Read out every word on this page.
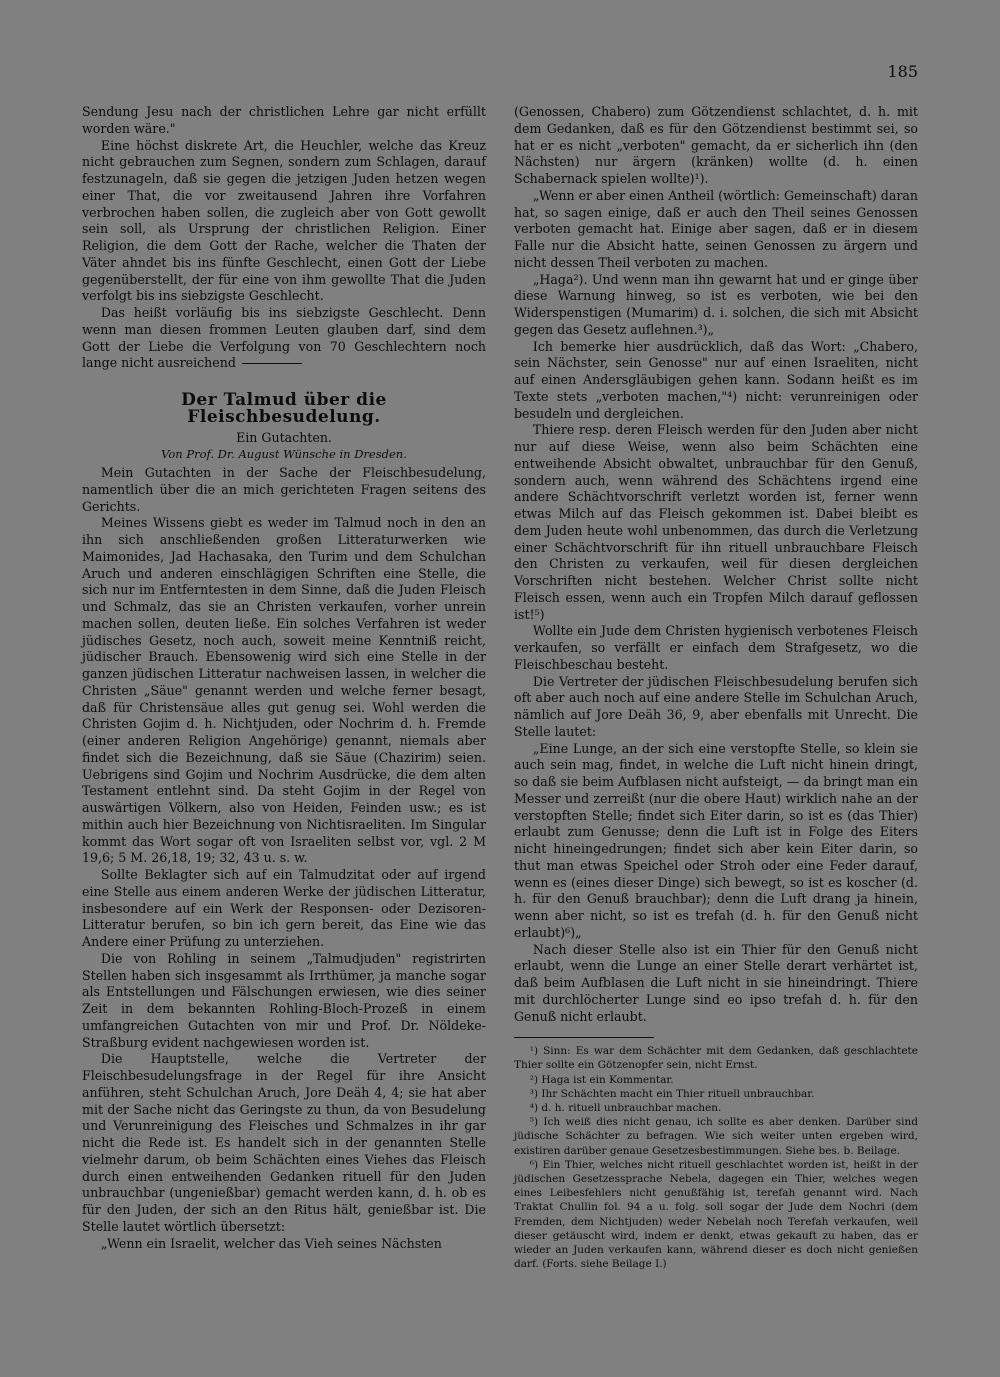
185

Sendung Jesu nach der christlichen Lehre gar nicht erfüllt worden wäre."

Eine höchst diskrete Art, die Heuchler, welche das Kreuz nicht gebrauchen zum Segnen, sondern zum Schlagen, darauf festzunageln, daß sie gegen die jetzigen Juden hetzen wegen einer That, die vor zweitausend Jahren ihre Vorfahren verbrochen haben sollen, die zugleich aber von Gott gewollt sein soll, als Ursprung der christlichen Religion. Einer Religion, die dem Gott der Rache, welcher die Thaten der Väter ahndet bis ins fünfte Geschlecht, einen Gott der Liebe gegenüberstellt, der für eine von ihm gewollte That die Juden verfolgt bis ins siebzigste Geschlecht.

Das heißt vorläufig bis ins siebzigste Geschlecht. Denn wenn man diesen frommen Leuten glauben darf, sind dem Gott der Liebe die Verfolgung von 70 Geschlechtern noch lange nicht ausreichend

Der Talmud über die Fleischbesudelung.
Ein Gutachten.
Von Prof. Dr. August Wünsche in Dresden.

Mein Gutachten in der Sache der Fleischbesudelung, namentlich über die an mich gerichteten Fragen seitens des Gerichts.

Meines Wissens giebt es weder im Talmud noch in den an ihn sich anschließenden großen Litteraturwerken wie Maimonides, Jad Hachasaka, den Turim und dem Schulchan Aruch und anderen einschlägigen Schriften eine Stelle, die sich nur im Entferntesten in dem Sinne, daß die Juden Fleisch und Schmalz, das sie an Christen verkaufen, vorher unrein machen sollen, deuten ließe. Ein solches Verfahren ist weder jüdisches Gesetz, noch auch, soweit meine Kenntniß reicht, jüdischer Brauch. Ebensowenig wird sich eine Stelle in der ganzen jüdischen Litteratur nachweisen lassen, in welcher die Christen „Säue" genannt werden und welche ferner besagt, daß für Christensäue alles gut genug sei. Wohl werden die Christen Gojim d. h. Nichtjuden, oder Nochrim d. h. Fremde (einer anderen Religion Angehörige) genannt, niemals aber findet sich die Bezeichnung, daß sie Säue (Chazirim) seien. Uebrigens sind Gojim und Nochrim Ausdrücke, die dem alten Testament entlehnt sind. Da steht Gojim in der Regel von auswärtigen Völkern, also von Heiden, Feinden usw.; es ist mithin auch hier Bezeichnung von Nichtisraeliten. Im Singular kommt das Wort sogar oft von Israeliten selbst vor, vgl. 2 M 19,6; 5 M. 26,18, 19; 32, 43 u. s. w.

Sollte Beklagter sich auf ein Talmudzitat oder auf irgend eine Stelle aus einem anderen Werke der jüdischen Litteratur, insbesondere auf ein Werk der Responsen- oder Dezisoren-Litteratur berufen, so bin ich gern bereit, das Eine wie das Andere einer Prüfung zu unterziehen.

Die von Rohling in seinem „Talmudjuden" registrirten Stellen haben sich insgesammt als Irrthümer, ja manche sogar als Entstellungen und Fälschungen erwiesen, wie dies seiner Zeit in dem bekannten Rohling-Bloch-Prozeß in einem umfangreichen Gutachten von mir und Prof. Dr. Nöldeke-Straßburg evident nachgewiesen worden ist.

Die Hauptstelle, welche die Vertreter der Fleischbesudelungsfrage in der Regel für ihre Ansicht anführen, steht Schulchan Aruch, Jore Deäh 4, 4; sie hat aber mit der Sache nicht das Geringste zu thun, da von Besudelung und Verunreinigung des Fleisches und Schmalzes in ihr gar nicht die Rede ist. Es handelt sich in der genannten Stelle vielmehr darum, ob beim Schächten eines Viehes das Fleisch durch einen entweihenden Gedanken rituell für den Juden unbrauchbar (ungenießbar) gemacht werden kann, d. h. ob es für den Juden, der sich an den Ritus hält, genießbar ist. Die Stelle lautet wörtlich übersetzt:

„Wenn ein Israelit, welcher das Vieh seines Nächsten

(Genossen, Chabero) zum Götzendienst schlachtet, d. h. mit dem Gedanken, daß es für den Götzendienst bestimmt sei, so hat er es nicht „verboten" gemacht, da er sicherlich ihn (den Nächsten) nur ärgern (kränken) wollte (d. h. einen Schabernack spielen wollte)¹).

„Wenn er aber einen Antheil (wörtlich: Gemeinschaft) daran hat, so sagen einige, daß er auch den Theil seines Genossen verboten gemacht hat. Einige aber sagen, daß er in diesem Falle nur die Absicht hatte, seinen Genossen zu ärgern und nicht dessen Theil verboten zu machen.

„Haga²). Und wenn man ihn gewarnt hat und er ginge über diese Warnung hinweg, so ist es verboten, wie bei den Widerspenstigen (Mumarim) d. i. solchen, die sich mit Absicht gegen das Gesetz auflehnen.³)„

Ich bemerke hier ausdrücklich, daß das Wort: „Chabero, sein Nächster, sein Genosse" nur auf einen Israeliten, nicht auf einen Andersgläubigen gehen kann. Sodann heißt es im Texte stets „verboten machen,"⁴) nicht: verunreinigen oder besudeln und dergleichen.

Thiere resp. deren Fleisch werden für den Juden aber nicht nur auf diese Weise, wenn also beim Schächten eine entweihende Absicht obwaltet, unbrauchbar für den Genuß, sondern auch, wenn während des Schächtens irgend eine andere Schächtvorschrift verletzt worden ist, ferner wenn etwas Milch auf das Fleisch gekommen ist. Dabei bleibt es dem Juden heute wohl unbenommen, das durch die Verletzung einer Schächtvorschrift für ihn rituell unbrauchbare Fleisch den Christen zu verkaufen, weil für diesen dergleichen Vorschriften nicht bestehen. Welcher Christ sollte nicht Fleisch essen, wenn auch ein Tropfen Milch darauf geflossen ist!⁵)

Wollte ein Jude dem Christen hygienisch verbotenes Fleisch verkaufen, so verfällt er einfach dem Strafgesetz, wo die Fleischbeschau besteht.

Die Vertreter der jüdischen Fleischbesudelung berufen sich oft aber auch noch auf eine andere Stelle im Schulchan Aruch, nämlich auf Jore Deäh 36, 9, aber ebenfalls mit Unrecht. Die Stelle lautet:

„Eine Lunge, an der sich eine verstopfte Stelle, so klein sie auch sein mag, findet, in welche die Luft nicht hinein dringt, so daß sie beim Aufblasen nicht aufsteigt, — da bringt man ein Messer und zerreißt (nur die obere Haut) wirklich nahe an der verstopften Stelle; findet sich Eiter darin, so ist es (das Thier) erlaubt zum Genusse; denn die Luft ist in Folge des Eiters nicht hineingedrungen; findet sich aber kein Eiter darin, so thut man etwas Speichel oder Stroh oder eine Feder darauf, wenn es (eines dieser Dinge) sich bewegt, so ist es koscher (d. h. für den Genuß brauchbar); denn die Luft drang ja hinein, wenn aber nicht, so ist es trefah (d. h. für den Genuß nicht erlaubt)⁶)„

Nach dieser Stelle also ist ein Thier für den Genuß nicht erlaubt, wenn die Lunge an einer Stelle derart verhärtet ist, daß beim Aufblasen die Luft nicht in sie hineindringt. Thiere mit durchlöcherter Lunge sind eo ipso trefah d. h. für den Genuß nicht erlaubt.

¹) Sinn: Es war dem Schächter mit dem Gedanken, daß geschlachtete Thier sollte ein Götzenopfer sein, nicht Ernst.

²) Haga ist ein Kommentar.

³) Ihr Schächten macht ein Thier rituell unbrauchbar.

⁴) d. h. rituell unbrauchbar machen.

⁵) Ich weiß dies nicht genau, ich sollte es aber denken. Darüber sind jüdische Schächter zu befragen. Wie sich weiter unten ergeben wird, existiren darüber genaue Gesetzesbestimmungen. Siehe bes. b. Beilage.

⁶) Ein Thier, welches nicht rituell geschlachtet worden ist, heißt in der jüdischen Gesetzessprache Nebela, dagegen ein Thier, welches wegen eines Leibesfehlers nicht genußfähig ist, terefah genannt wird. Nach Traktat Chullin fol. 94 a u. folg. soll sogar der Jude dem Nochri (dem Fremden, dem Nichtjuden) weder Nebelah noch Terefah verkaufen, weil dieser getäuscht wird, indem er denkt, etwas gekauft zu haben, das er wieder an Juden verkaufen kann, während dieser es doch nicht genießen darf. (Forts. siehe Beilage I.)
